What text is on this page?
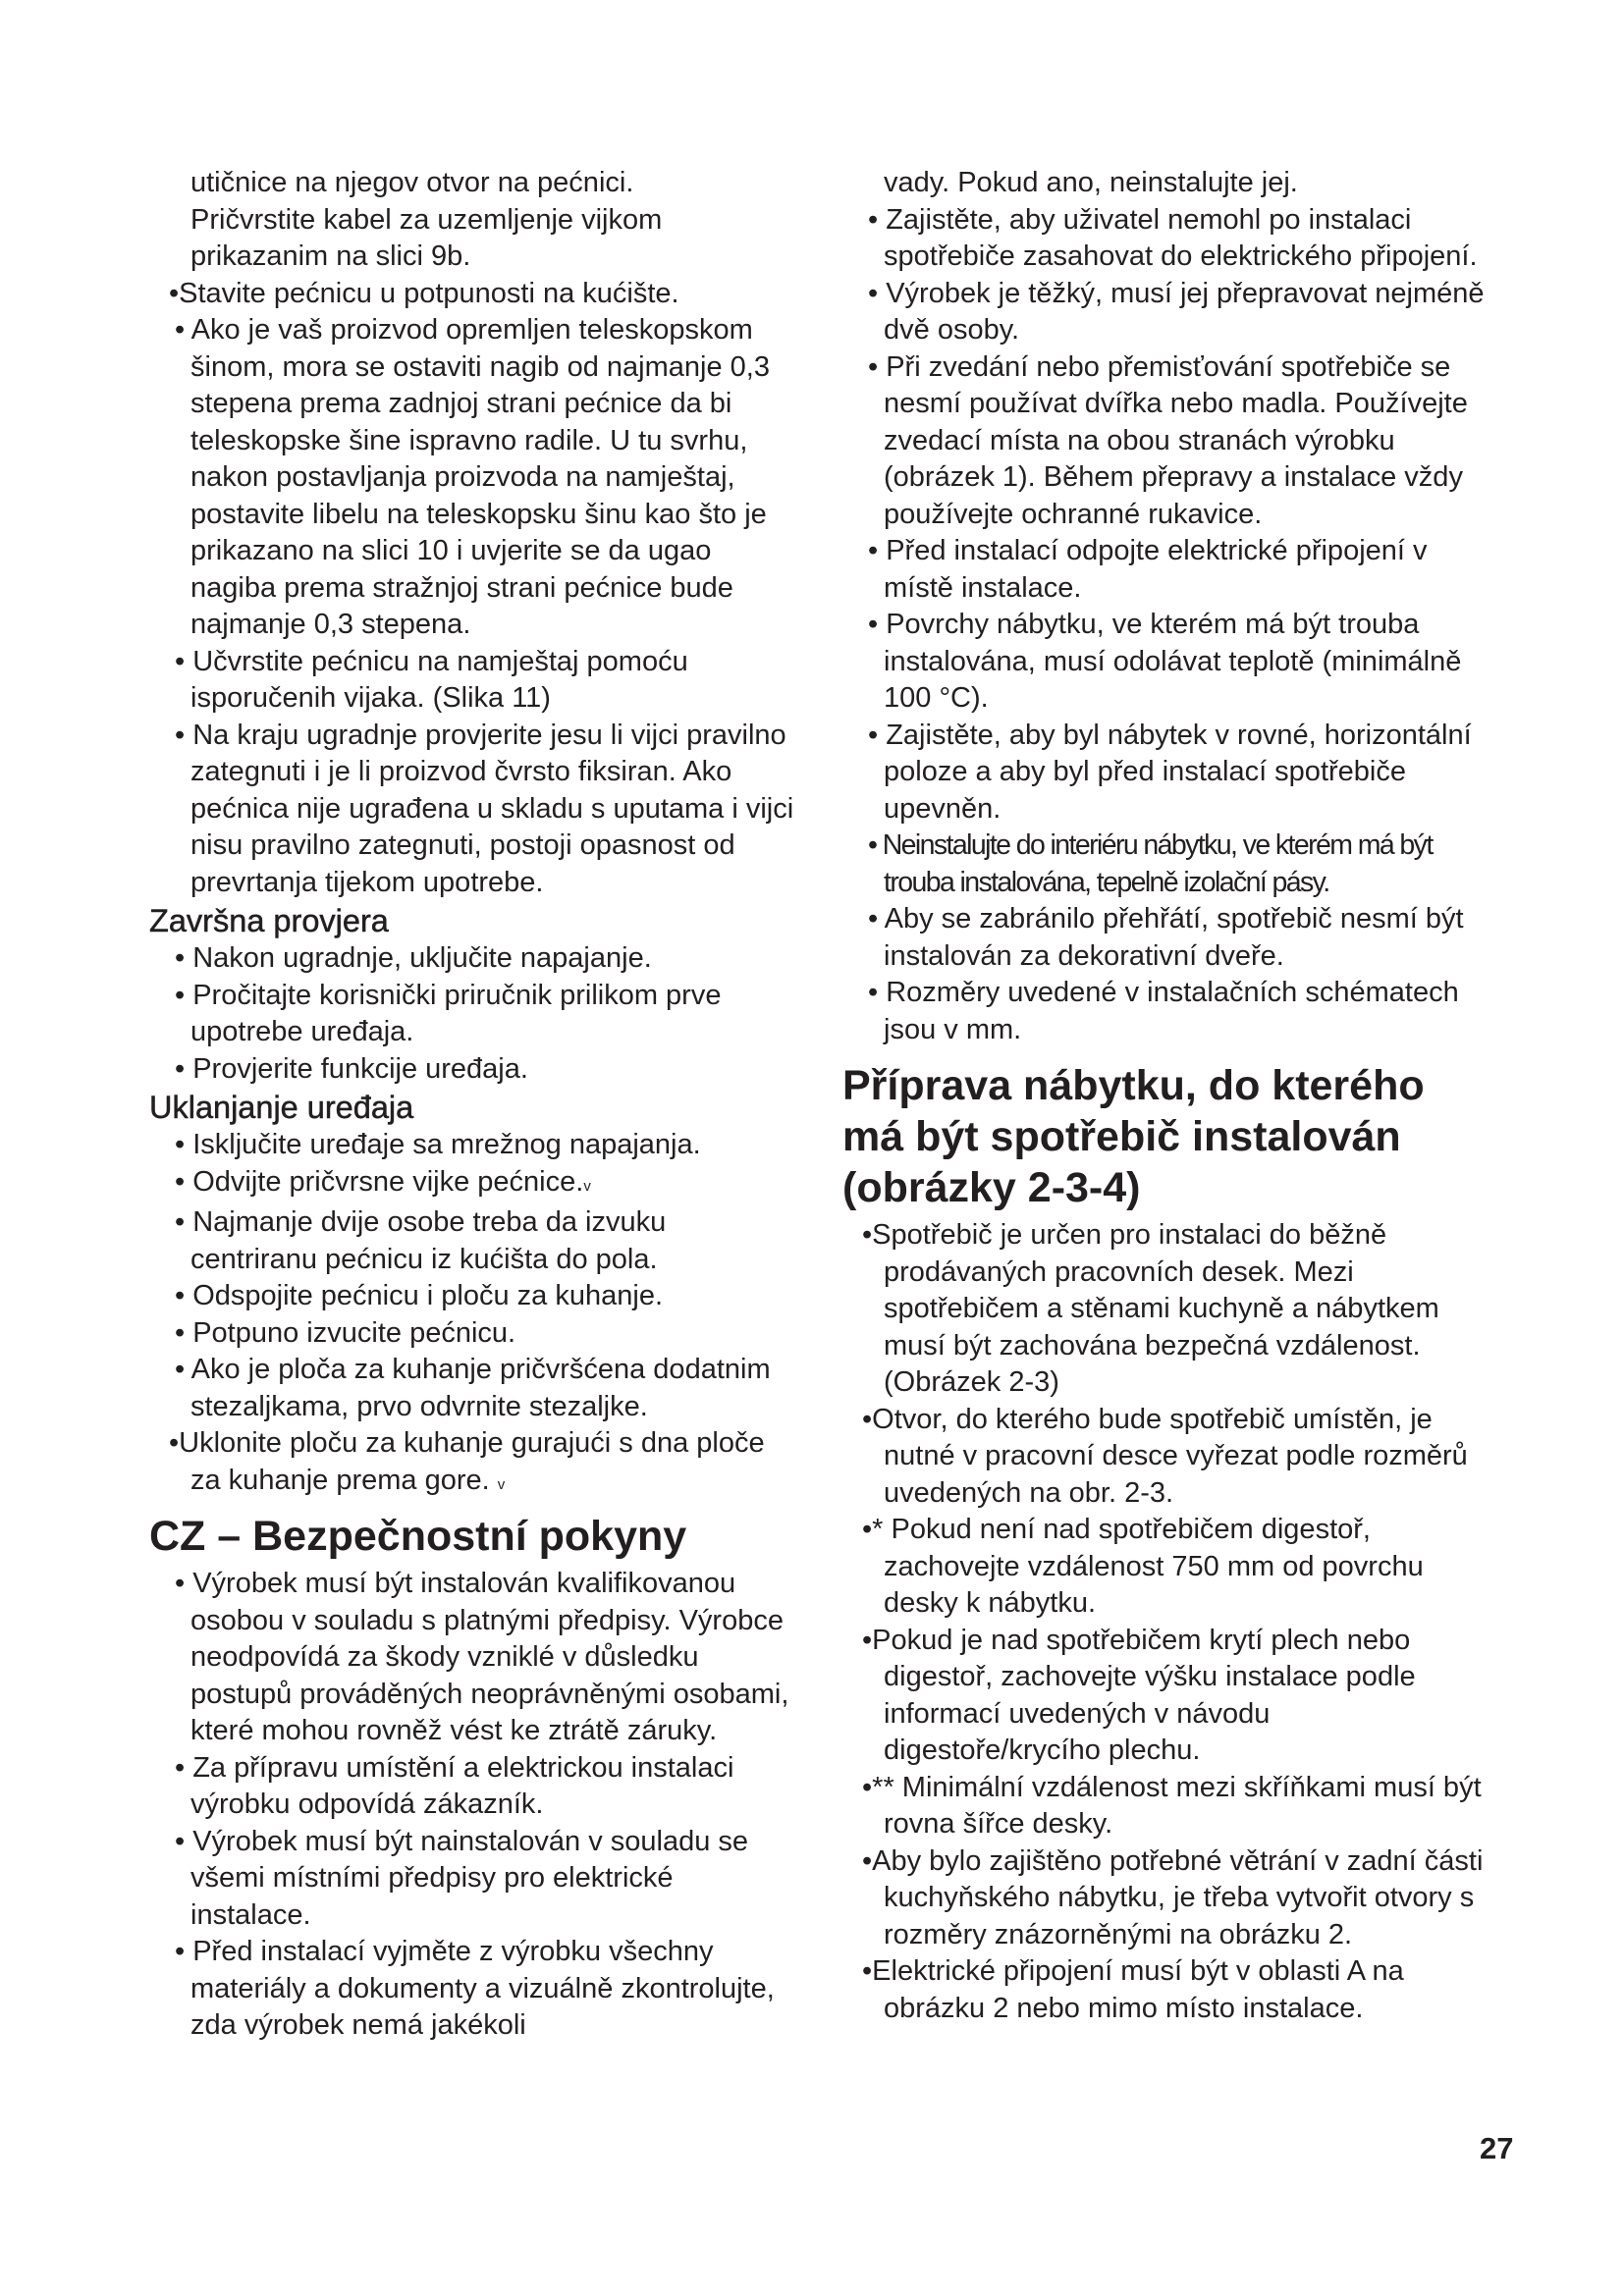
utičnice na njegov otvor na pećnici.

Pričvrstite kabel za uzemljenje vijkom

prikazanim na slici 9b.

•Stavite pećnicu u potpunosti na kućište.

• Ako je vaš proizvod opremljen teleskopskom šinom, mora se ostaviti nagib od najmanje 0,3 stepena prema zadnjoj strani pećnice da bi teleskopske šine ispravno radile. U tu svrhu, nakon postavljanja proizvoda na namještaj, postavite libelu na teleskopsku šinu kao što je prikazano na slici 10 i uvjerite se da ugao nagiba prema stražnjoj strani pećnice bude najmanje 0,3 stepena.

• Učvrstite pećnicu na namještaj pomoću isporučenih vijaka. (Slika 11)

• Na kraju ugradnje provjerite jesu li vijci pravilno zategnuti i je li proizvod čvrsto fiksiran. Ako pećnica nije ugrađena u skladu s uputama i vijci nisu pravilno zategnuti, postoji opasnost od prevrtanja tijekom upotrebe.

Završna provjera

• Nakon ugradnje, uključite napajanje.

• Pročitajte korisnički priručnik prilikom prve upotrebe uređaja.

• Provjerite funkcije uređaja.

Uklanjanje uređaja

• Isključite uređaje sa mrežnog napajanja.

• Odvijte pričvrsne vijke pećnice.v

• Najmanje dvije osobe treba da izvuku centriranu pećnicu iz kućišta do pola.

• Odspojite pećnicu i ploču za kuhanje.

• Potpuno izvucite pećnicu.

• Ako je ploča za kuhanje pričvršćena dodatnim stezaljkama, prvo odvrnite stezaljke.

•Uklonite ploču za kuhanje gurajući s dna ploče za kuhanje prema gore. v

CZ – Bezpečnostní pokyny

• Výrobek musí být instalován kvalifikovanou osobou v souladu s platnými předpisy. Výrobce neodpovídá za škody vzniklé v důsledku postupů prováděných neoprávněnými osobami, které mohou rovněž vést ke ztrátě záruky.

• Za přípravu umístění a elektrickou instalaci výrobku odpovídá zákazník.

• Výrobek musí být nainstalován v souladu se všemi místními předpisy pro elektrické instalace.

• Před instalací vyjměte z výrobku všechny materiály a dokumenty a vizuálně zkontrolujte, zda výrobek nemá jakékoli

vady. Pokud ano, neinstalujte jej.

• Zajistěte, aby uživatel nemohl po instalaci spotřebiče zasahovat do elektrického připojení.

• Výrobek je těžký, musí jej přepravovat nejméně dvě osoby.

• Při zvedání nebo přemisťování spotřebiče se nesmí používat dvířka nebo madla. Používejte zvedací místa na obou stranách výrobku (obrázek 1). Během přepravy a instalace vždy používejte ochranné rukavice.

• Před instalací odpojte elektrické připojení v místě instalace.

• Povrchy nábytku, ve kterém má být trouba instalována, musí odolávat teplotě (minimálně 100 °C).

• Zajistěte, aby byl nábytek v rovné, horizontální poloze a aby byl před instalací spotřebiče upevněn.

• Neinstalujte do interiéru nábytku, ve kterém má být trouba instalována, tepelně izolační pásy.

• Aby se zabránilo přehřátí, spotřebič nesmí být instalován za dekorativní dveře.

• Rozměry uvedené v instalačních schématech jsou v mm.

Příprava nábytku, do kterého má být spotřebič instalován (obrázky 2-3-4)

•Spotřebič je určen pro instalaci do běžně prodávaných pracovních desek. Mezi spotřebičem a stěnami kuchyně a nábytkem musí být zachována bezpečná vzdálenost. (Obrázek 2-3)

•Otvor, do kterého bude spotřebič umístěn, je nutné v pracovní desce vyřezat podle rozměrů uvedených na obr. 2-3.

•* Pokud není nad spotřebičem digestoř, zachovejte vzdálenost 750 mm od povrchu desky k nábytku.

•Pokud je nad spotřebičem krytí plech nebo digestoř, zachovejte výšku instalace podle informací uvedených v návodu digestoře/krycího plechu.

•** Minimální vzdálenost mezi skříňkami musí být rovna šířce desky.

•Aby bylo zajištěno potřebné větrání v zadní části kuchyňského nábytku, je třeba vytvořit otvory s rozměry znázorněnými na obrázku 2.

•Elektrické připojení musí být v oblasti A na obrázku 2 nebo mimo místo instalace.

27
